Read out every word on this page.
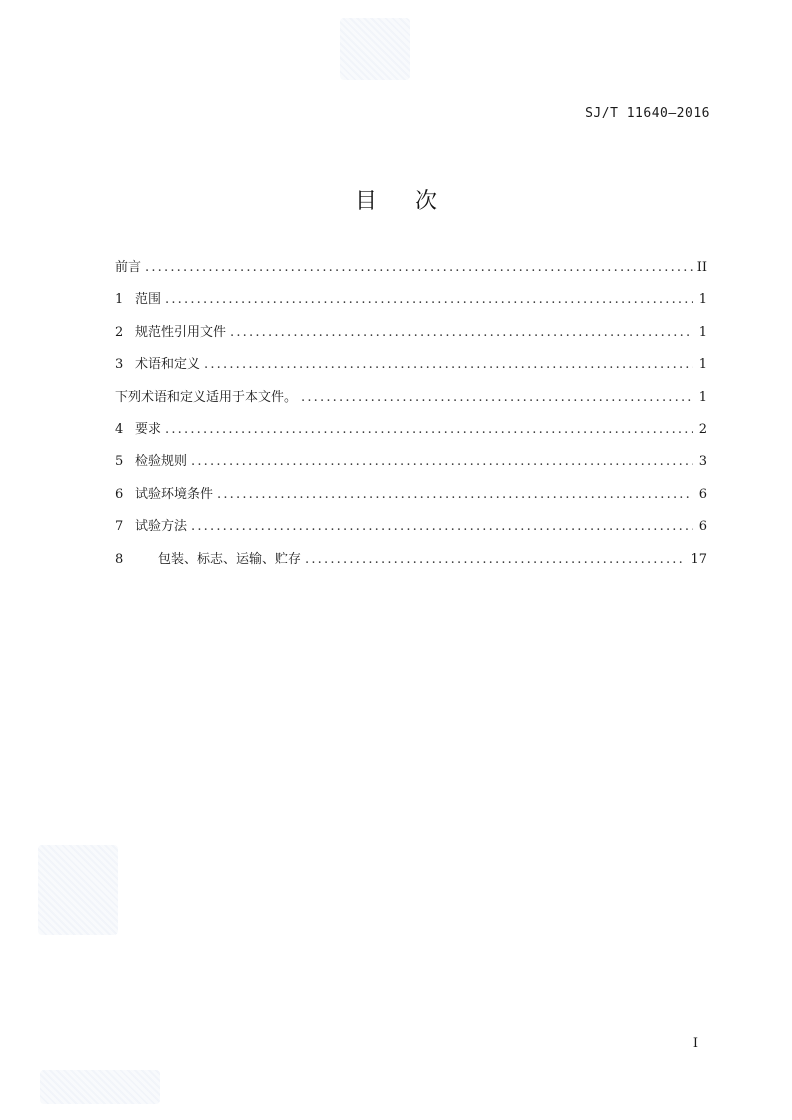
SJ/T 11640—2016
目次
前言 .....	II
1 范围 .....	1
2 规范性引用文件 .....	1
3 术语和定义 .....	1
下列术语和定义适用于本文件。 .....	1
4 要求 .....	2
5 检验规则 .....	3
6 试验环境条件 .....	6
7 试验方法 .....	6
8	包装、标志、运输、贮存 .....	17
I
